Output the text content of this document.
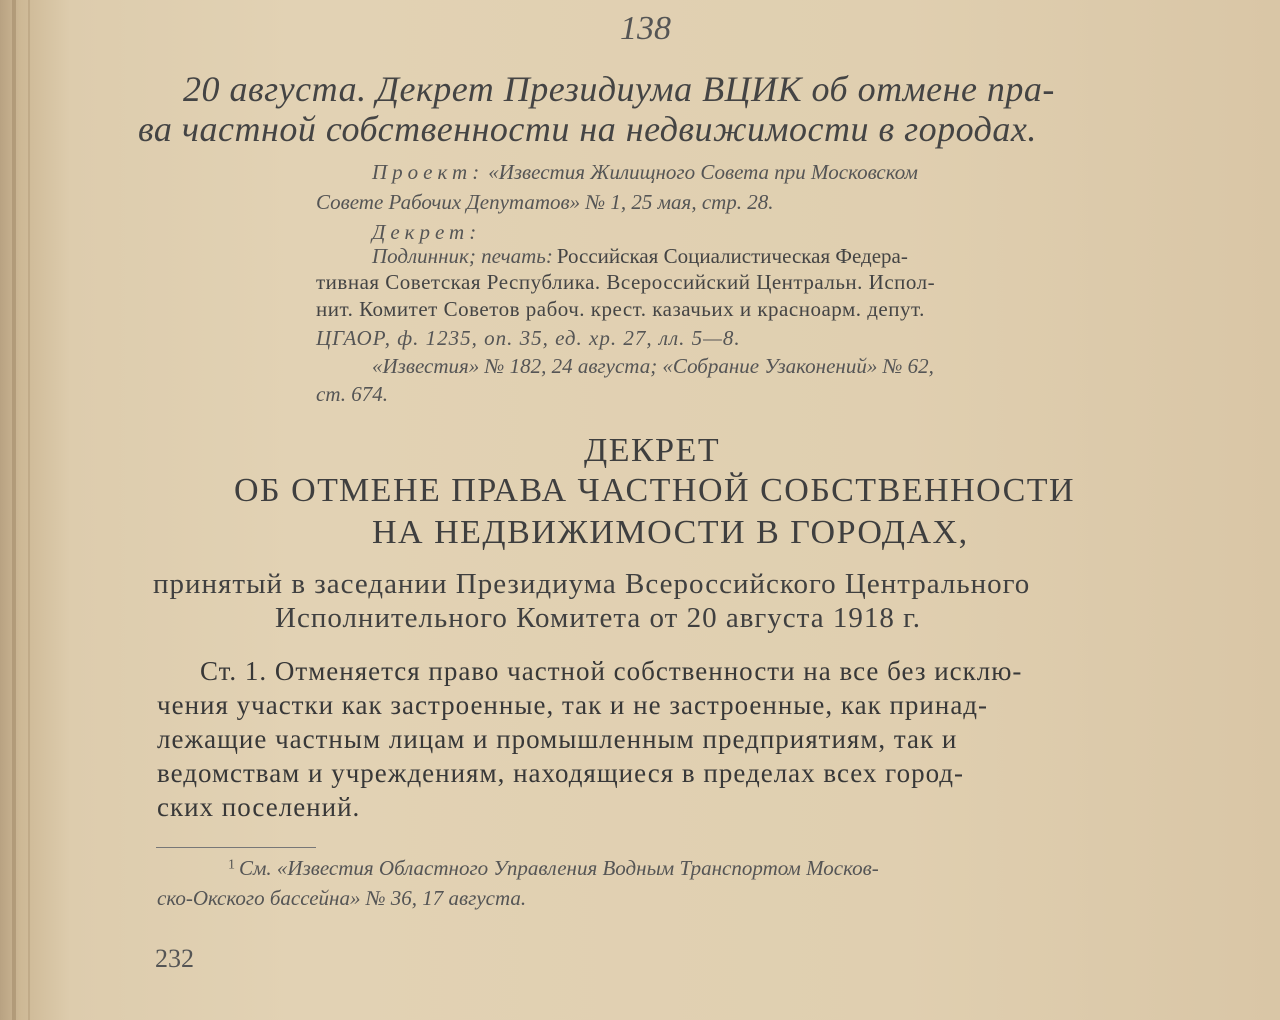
138
20 августа. Декрет Президиума ВЦИК об отмене пра-
ва частной собственности на недвижимости в городах.
Проект: «Известия Жилищного Совета при Московском
Совете Рабочих Депутатов» № 1, 25 мая, стр. 28.
Декрет:
Подлинник; печать: Российская Социалистическая Федера-
тивная Советская Республика. Всероссийский Центральн. Испол-
нит. Комитет Советов рабоч. крест. казачьих и красноарм. депут.
ЦГАОР, ф. 1235, оп. 35, ед. хр. 27, лл. 5—8.
«Известия» № 182, 24 августа; «Собрание Узаконений» № 62,
ст. 674.
ДЕКРЕТ
ОБ ОТМЕНЕ ПРАВА ЧАСТНОЙ СОБСТВЕННОСТИ
НА НЕДВИЖИМОСТИ В ГОРОДАХ,
принятый в заседании Президиума Всероссийского Центрального
Исполнительного Комитета от 20 августа 1918 г.
Ст. 1. Отменяется право частной собственности на все без исклю-
чения участки как застроенные, так и не застроенные, как принад-
лежащие частным лицам и промышленным предприятиям, так и
ведомствам и учреждениям, находящиеся в пределах всех город-
ских поселений.
$^1$ См. «Известия Областного Управления Водным Транспортом Москов-
ско-Окского бассейна» № 36, 17 августа.
232
